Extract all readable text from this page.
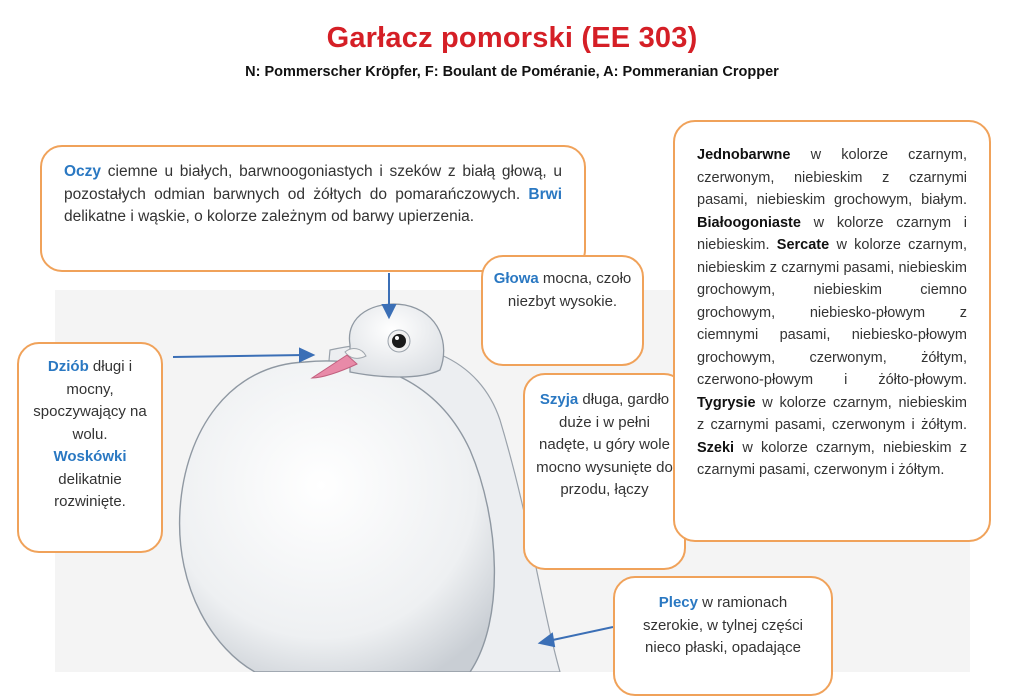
Garłacz pomorski (EE 303)
N: Pommerscher Kröpfer, F: Boulant de Poméranie, A: Pommeranian Cropper
Oczy ciemne u białych, barwnoogoniastych i szeków z białą głową, u pozostałych odmian barwnych od żółtych do pomarańczowych. Brwi delikatne i wąskie, o kolorze zależnym od barwy upierzenia.
Głowa mocna, czoło niezbyt wysokie.
Dziób długi i mocny, spoczywający na wolu.
Woskówki
delikatnie rozwinięte.
Szyja długa, gardło duże i w pełni nadęte, u góry wole mocno wysunięte do przodu, łączy
Jednobarwne w kolorze czarnym, czerwonym, niebieskim z czarnymi pasami, niebieskim grochowym, białym. Białoogoniaste w kolorze czarnym i niebieskim. Sercate w kolorze czarnym, niebieskim z czarnymi pasami, niebieskim grochowym, niebieskim ciemno grochowym, niebiesko-płowym z ciemnymi pasami, niebiesko-płowym grochowym, czerwonym, żółtym, czerwono-płowym i żółto-płowym. Tygrysie w kolorze czarnym, niebieskim z czarnymi pasami, czerwonym i żółtym. Szeki w kolorze czarnym, niebieskim z czarnymi pasami, czerwonym i żółtym.
Plecy w ramionach szerokie, w tylnej części nieco płaski, opadające
